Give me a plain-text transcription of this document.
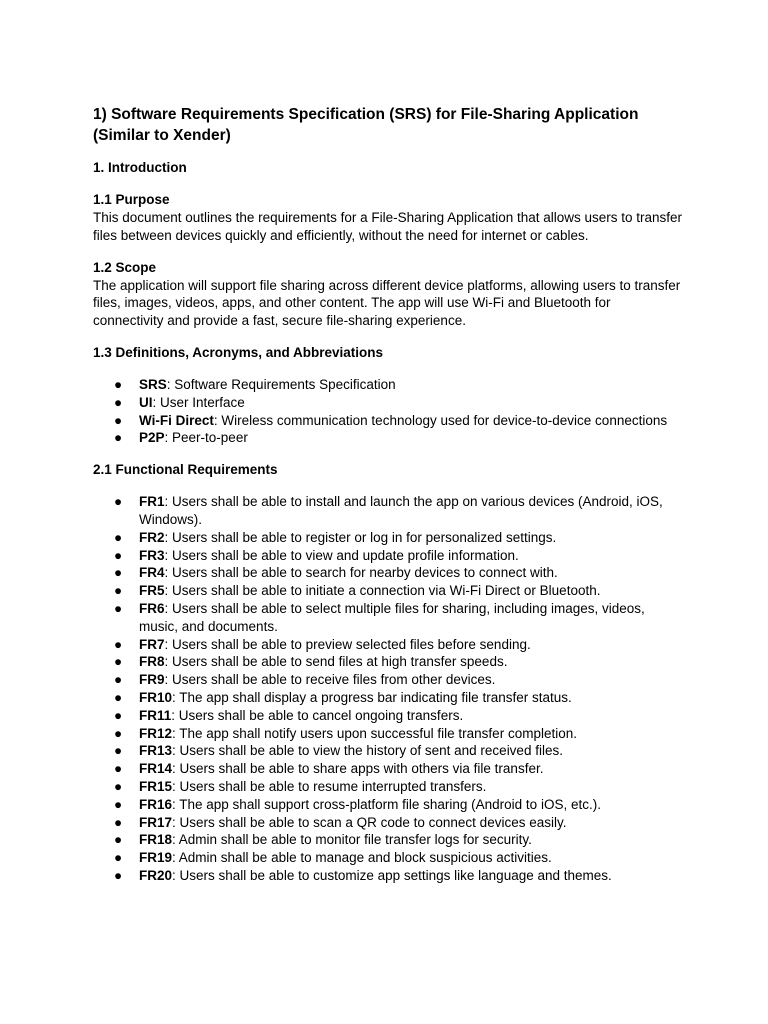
1) Software Requirements Specification (SRS) for File-Sharing Application (Similar to Xender)
1. Introduction
1.1 Purpose
This document outlines the requirements for a File-Sharing Application that allows users to transfer files between devices quickly and efficiently, without the need for internet or cables.
1.2 Scope
The application will support file sharing across different device platforms, allowing users to transfer files, images, videos, apps, and other content. The app will use Wi-Fi and Bluetooth for connectivity and provide a fast, secure file-sharing experience.
1.3 Definitions, Acronyms, and Abbreviations
● SRS: Software Requirements Specification
● UI: User Interface
● Wi-Fi Direct: Wireless communication technology used for device-to-device connections
● P2P: Peer-to-peer
2.1 Functional Requirements
● FR1: Users shall be able to install and launch the app on various devices (Android, iOS, Windows).
● FR2: Users shall be able to register or log in for personalized settings.
● FR3: Users shall be able to view and update profile information.
● FR4: Users shall be able to search for nearby devices to connect with.
● FR5: Users shall be able to initiate a connection via Wi-Fi Direct or Bluetooth.
● FR6: Users shall be able to select multiple files for sharing, including images, videos, music, and documents.
● FR7: Users shall be able to preview selected files before sending.
● FR8: Users shall be able to send files at high transfer speeds.
● FR9: Users shall be able to receive files from other devices.
● FR10: The app shall display a progress bar indicating file transfer status.
● FR11: Users shall be able to cancel ongoing transfers.
● FR12: The app shall notify users upon successful file transfer completion.
● FR13: Users shall be able to view the history of sent and received files.
● FR14: Users shall be able to share apps with others via file transfer.
● FR15: Users shall be able to resume interrupted transfers.
● FR16: The app shall support cross-platform file sharing (Android to iOS, etc.).
● FR17: Users shall be able to scan a QR code to connect devices easily.
● FR18: Admin shall be able to monitor file transfer logs for security.
● FR19: Admin shall be able to manage and block suspicious activities.
● FR20: Users shall be able to customize app settings like language and themes.
